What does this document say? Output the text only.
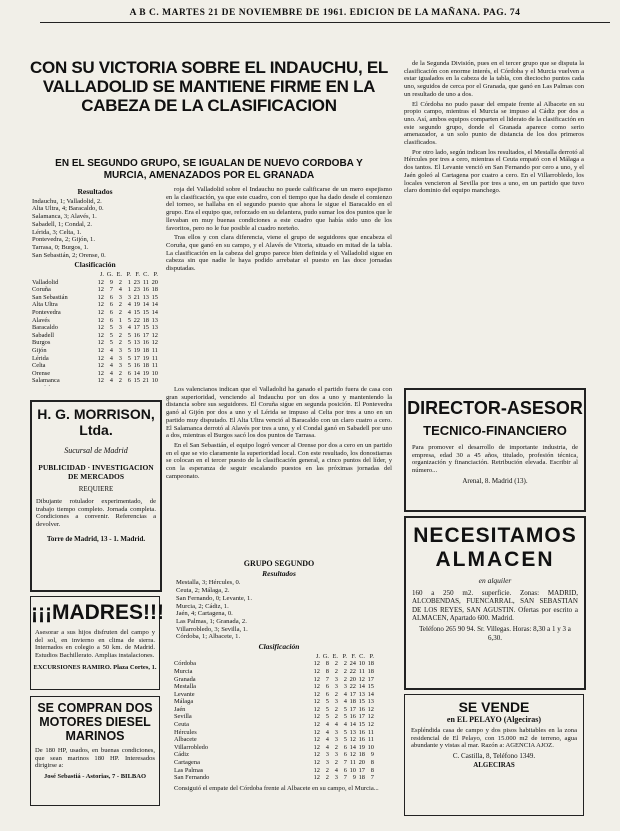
A B C. MARTES 21 DE NOVIEMBRE DE 1961. EDICION DE LA MAÑANA. PAG. 74
CON SU VICTORIA SOBRE EL INDAUCHU, EL VALLADOLID SE MANTIENE FIRME EN LA CABEZA DE LA CLASIFICACION
EN EL SEGUNDO GRUPO, SE IGUALAN DE NUEVO CORDOBA Y MURCIA, AMENAZADOS POR EL GRANADA
Resultados
Indauchu, 1; Valladolid, 2.
Alta Ultra, 4; Baracaldo, 0.
Salamanca, 3; Alavés, 1.
Sabadell, 1; Condal, 2.
Lérida, 3; Celta, 1.
Pontevedra, 2; Gijón, 1.
Tarrasa, 0; Burgos, 1.
San Sebastián, 2; Orense, 0.
Clasificación
	J.	G.	E.	P.	F.	C.	P.
Valladolid	12	9	2	1	23	11	20
Coruña	12	7	4	1	23	16	18
San Sebastián	12	6	3	3	21	13	15
Alta Ultra	12	6	2	4	19	14	14
Pontevedra	12	6	2	4	15	15	14
Alavés	12	6	1	5	22	18	13
Baracaldo	12	5	3	4	17	15	13
Sabadell	12	5	2	5	16	17	12
Burgos	12	5	2	5	13	16	12
Gijón	12	4	3	5	19	18	11
Lérida	12	4	3	5	17	19	11
Celta	12	4	3	5	16	18	11
Orense	12	4	2	6	14	19	10
Salamanca	12	4	2	6	15	21	10

H. G. MORRISON, Ltda.
Sucursal de Madrid
PUBLICIDAD · INVESTIGACION
DE MERCADOS
REQUIERE
Dibujante rotulador experimentado, de trabajo tiempo completo. Jornada completa. Condiciones a convenir. Referencias a devolver.
Torre de Madrid, 13 - 1. Madrid.
¡¡¡MADRES!!!
Asesorar a sus hijos disfruten del campo y del sol, en invierno en clima de sierra. Internados en colegio a 50 km. de Madrid. Estudios Bachillerato. Amplias instalaciones.
EXCURSIONES RAMIRO. Plaza Cortes, 1.
SE COMPRAN DOS MOTORES DIESEL MARINOS
De 180 HP, usados, en buenas condiciones, que sean marinos 180 HP. Interesados dirigirse a:
José Sebastiá - Astorias, 7 - BILBAO

roja del Valladolid sobre el Indauchu no puede calificarse de un mero espejismo en la clasificación, ya que este cuadro, con el tiempo que ha dado desde el comienzo del torneo, se hallaba en el segundo puesto que ahora le sigue el Baracaldo en el grupo. Era el equipo que, reforzado en su delantera, pudo sumar los dos puntos que le llevaban en muy buenas condiciones a este cuadro que había sido uno de los favoritos, pero no le fue posible al cuadro norteño.

Tras ellos y con clara diferencia, viene el grupo de seguidores que encabeza el Coruña, que ganó en su campo, y el Alavés de Vitoria, situado en mitad de la tabla. La clasificación en la cabeza del grupo parece bien definida y el Valladolid sigue en cabeza sin que nadie le haya podido arrebatar el puesto en las doce jornadas disputadas.

Los valencianos indican que el Valladolid ha ganado el partido fuera de casa con gran superioridad, venciendo al Indauchu por un dos a uno y manteniendo la distancia sobre sus seguidores. El Coruña sigue en segunda posición. El Pontevedra ganó al Gijón por dos a uno y el Lérida se impuso al Celta por tres a uno en un partido muy disputado. El Alta Ultra venció al Baracaldo con un claro cuatro a cero. El Salamanca derrotó al Alavés por tres a uno, y el Condal ganó en Sabadell por uno a dos, mientras el Burgos sacó los dos puntos de Tarrasa.

En el San Sebastián, el equipo logró vencer al Orense por dos a cero en un partido en el que se vio claramente la superioridad local. Con este resultado, los donostiarras se colocan en el tercer puesto de la clasificación general, a cinco puntos del líder, y con la esperanza de seguir escalando puestos en las próximas jornadas del campeonato.

GRUPO SEGUNDO
Resultados
Mestalla, 3; Hércules, 0.
Ceuta, 2; Málaga, 2.
San Fernando, 0; Levante, 1.
Murcia, 2; Cádiz, 1.
Jaén, 4; Cartagena, 0.
Las Palmas, 1; Granada, 2.
Villarrobledo, 3; Sevilla, 1.
Córdoba, 1; Albacete, 1.
Clasificación
	J.	G.	E.	P.	F.	C.	P.
Córdoba	12	8	2	2	24	10	18
Murcia	12	8	2	2	22	11	18
Granada	12	7	3	2	20	12	17
Mestalla	12	6	3	3	22	14	15
Levante	12	6	2	4	17	13	14
Málaga	12	5	3	4	18	15	13
Jaén	12	5	2	5	17	16	12
Sevilla	12	5	2	5	16	17	12
Ceuta	12	4	4	4	14	15	12
Hércules	12	4	3	5	13	16	11
Albacete	12	4	3	5	12	16	11
Villarrobledo	12	4	2	6	14	19	10
Cádiz	12	3	3	6	12	18	9
Cartagena	12	3	2	7	11	20	8
Las Palmas	12	2	4	6	10	17	8
San Fernando	12	2	3	7	9	18	7

Consiguió el empate del Córdoba frente al Albacete en su campo, el Murcia...

de la Segunda División, pues en el tercer grupo que se disputa la clasificación con enorme interés, el Córdoba y el Murcia vuelven a estar igualados en la cabeza de la tabla, con dieciocho puntos cada uno, seguidos de cerca por el Granada, que ganó en Las Palmas con un resultado de uno a dos.

El Córdoba no pudo pasar del empate frente al Albacete en su propio campo, mientras el Murcia se impuso al Cádiz por dos a uno. Así, ambos equipos comparten el liderato de la clasificación en este segundo grupo, donde el Granada aparece como serio amenazador, a un solo punto de distancia de los dos primeros clasificados.

Por otro lado, según indican los resultados, el Mestalla derrotó al Hércules por tres a cero, mientras el Ceuta empató con el Málaga a dos tantos. El Levante venció en San Fernando por cero a uno, y el Jaén goleó al Cartagena por cuatro a cero. En el Villarrobledo, los locales vencieron al Sevilla por tres a uno, en un partido que tuvo claro dominio del equipo manchego.

DIRECTOR-ASESOR
TECNICO-FINANCIERO
Para promover el desarrollo de importante industria, de empresa, edad 30 a 45 años, titulado, profesión técnica, organización y financiación. Retribución elevada. Escribir al número...
Arenal, 8. Madrid (13).
NECESITAMOS
ALMACEN
en alquiler
160 a 250 m2. superficie. Zonas: MADRID, ALCOBENDAS, FUENCARRAL, SAN SEBASTIAN DE LOS REYES, SAN AGUSTIN. Ofertas por escrito a ALMACEN, Apartado 600. Madrid.
Teléfono 265 90 94. Sr. Villegas. Horas: 8,30 a 1 y 3 a 6,30.
SE VENDE
en EL PELAYO (Algeciras)
Espléndida casa de campo y dos pisos habitables en la zona residencial de El Pelayo, con 15.000 m2 de terreno, agua abundante y vistas al mar. Razón a: AGENCIA AJOZ.
C. Castilla, 8, Teléfono 1349.
ALGECIRAS
